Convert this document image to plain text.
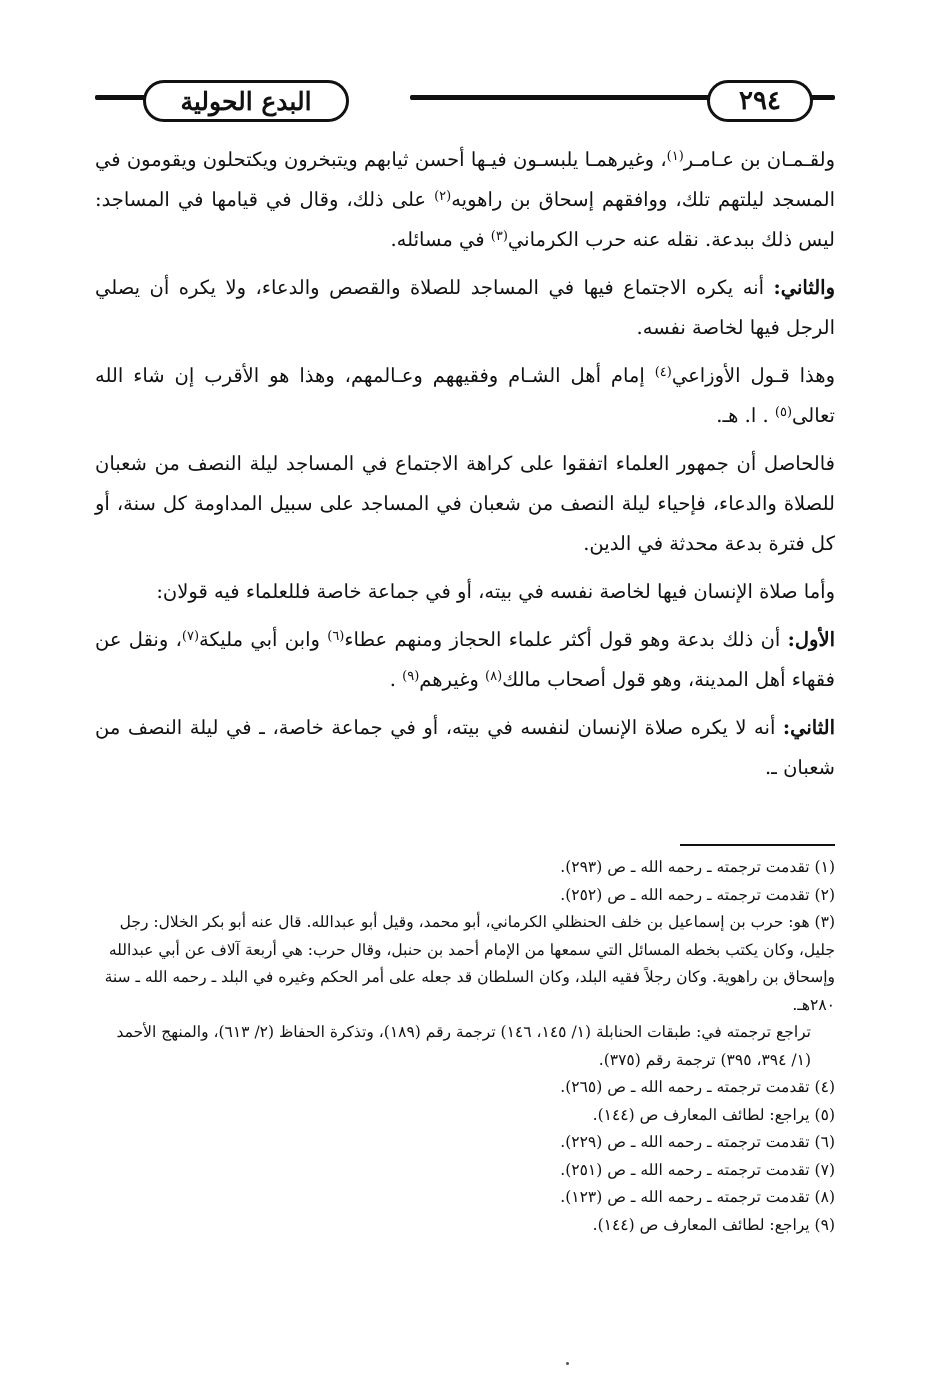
البدع الحولية	٢٩٤

ولقـمـان بن عـامـر$^{(١)}$، وغيرهمـا يلبسـون فيـها أحسن ثيابهم ويتبخرون ويكتحلون ويقومون في المسجد ليلتهم تلك، ووافقهم إسحاق بن راهويه$^{(٢)}$ على ذلك، وقال في قيامها في المساجد: ليس ذلك ببدعة. نقله عنه حرب الكرماني$^{(٣)}$ في مسائله.

والثاني: أنه يكره الاجتماع فيها في المساجد للصلاة والقصص والدعاء، ولا يكره أن يصلي الرجل فيها لخاصة نفسه.

وهذا قـول الأوزاعي$^{(٤)}$ إمام أهل الشـام وفقيههم وعـالمهم، وهذا هو الأقرب إن شاء الله تعالى$^{(٥)}$ . ا. هـ.

فالحاصل أن جمهور العلماء اتفقوا على كراهة الاجتماع في المساجد ليلة النصف من شعبان للصلاة والدعاء، فإحياء ليلة النصف من شعبان في المساجد على سبيل المداومة كل سنة، أو كل فترة بدعة محدثة في الدين.

وأما صلاة الإنسان فيها لخاصة نفسه في بيته، أو في جماعة خاصة فللعلماء فيه قولان:

الأول: أن ذلك بدعة وهو قول أكثر علماء الحجاز ومنهم عطاء$^{(٦)}$ وابن أبي مليكة$^{(٧)}$، ونقل عن فقهاء أهل المدينة، وهو قول أصحاب مالك$^{(٨)}$ وغيرهم$^{(٩)}$ .

الثاني: أنه لا يكره صلاة الإنسان لنفسه في بيته، أو في جماعة خاصة، ـ في ليلة النصف من شعبان ـ.

(١) تقدمت ترجمته ـ رحمه الله ـ ص (٢٩٣).

(٢) تقدمت ترجمته ـ رحمه الله ـ ص (٢٥٢).

(٣) هو: حرب بن إسماعيل بن خلف الحنظلي الكرماني، أبو محمد، وقيل أبو عبدالله. قال عنه أبو بكر الخلال: رجل جليل، وكان يكتب بخطه المسائل التي سمعها من الإمام أحمد بن حنبل، وقال حرب: هي أربعة آلاف عن أبي عبدالله وإسحاق بن راهوية. وكان رجلاً فقيه البلد، وكان السلطان قد جعله على أمر الحكم وغيره في البلد ـ رحمه الله ـ سنة ٢٨٠هـ.

تراجع ترجمته في: طبقات الحنابلة (١/ ١٤٥، ١٤٦) ترجمة رقم (١٨٩)، وتذكرة الحفاظ (٢/ ٦١٣)، والمنهج الأحمد (١/ ٣٩٤، ٣٩٥) ترجمة رقم (٣٧٥).

(٤) تقدمت ترجمته ـ رحمه الله ـ ص (٢٦٥).

(٥) يراجع: لطائف المعارف ص (١٤٤).

(٦) تقدمت ترجمته ـ رحمه الله ـ ص (٢٢٩).

(٧) تقدمت ترجمته ـ رحمه الله ـ ص (٢٥١).

(٨) تقدمت ترجمته ـ رحمه الله ـ ص (١٢٣).

(٩) يراجع: لطائف المعارف ص (١٤٤).
